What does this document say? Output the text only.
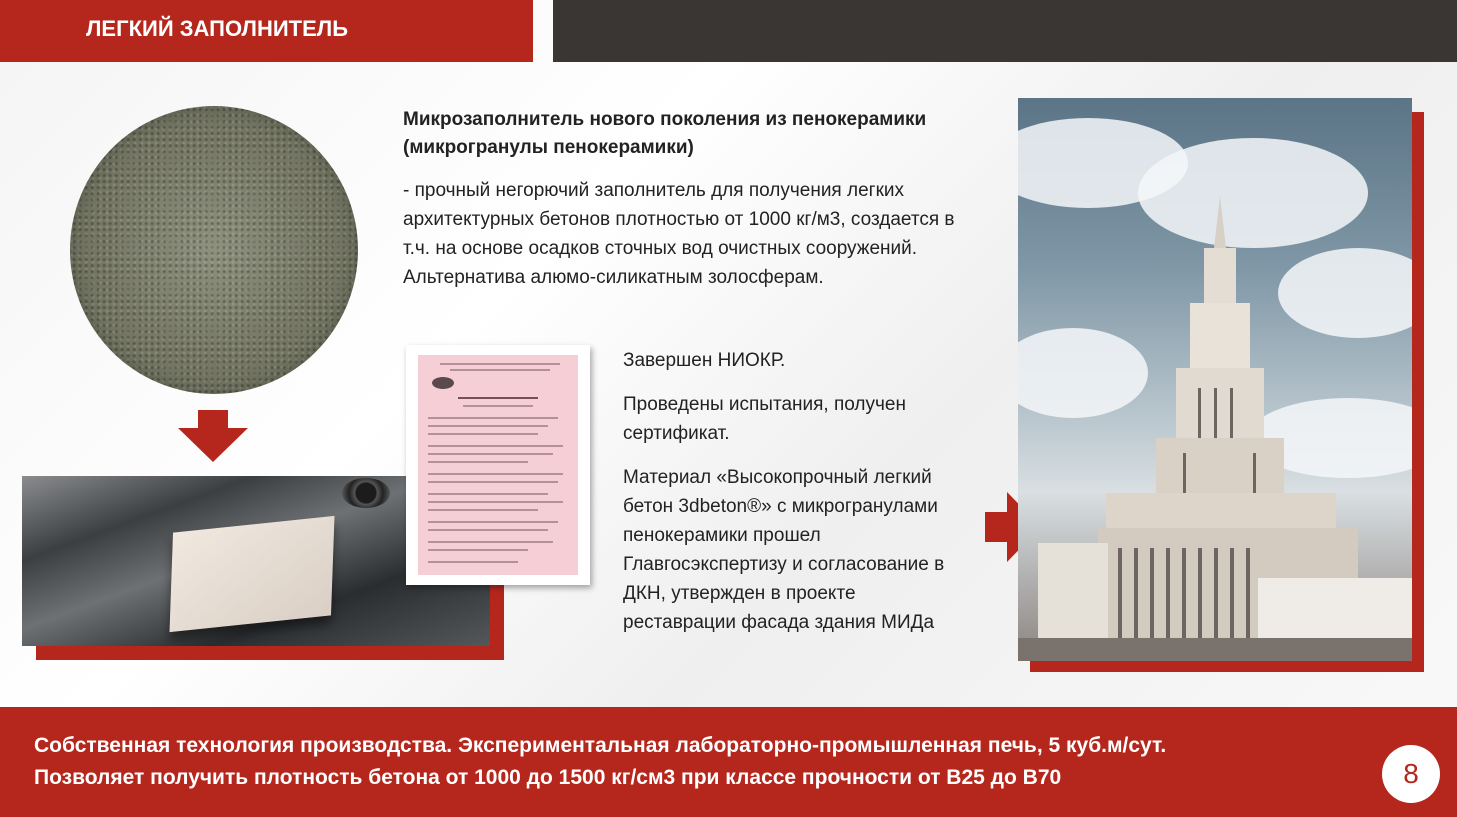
ЛЕГКИЙ ЗАПОЛНИТЕЛЬ
Микрозаполнитель нового поколения из пенокерамики (микрогранулы пенокерамики)
- прочный негорючий заполнитель для получения легких архитектурных бетонов плотностью от 1000 кг/м3, создается в т.ч. на основе осадков сточных вод очистных сооружений. Альтернатива алюмо-силикатным золосферам.

Завершен НИОКР.

Проведены испытания, получен сертификат.

Материал «Высокопрочный легкий бетон 3dbeton®» с микрогранулами пенокерамики прошел Главгосэкспертизу и согласование в ДКН, утвержден в проекте реставрации фасада здания МИДа

Собственная технология производства. Экспериментальная лабораторно-промышленная печь, 5 куб.м/сут.
Позволяет получить плотность бетона от 1000 до 1500 кг/см3 при классе прочности от В25 до В70	8
